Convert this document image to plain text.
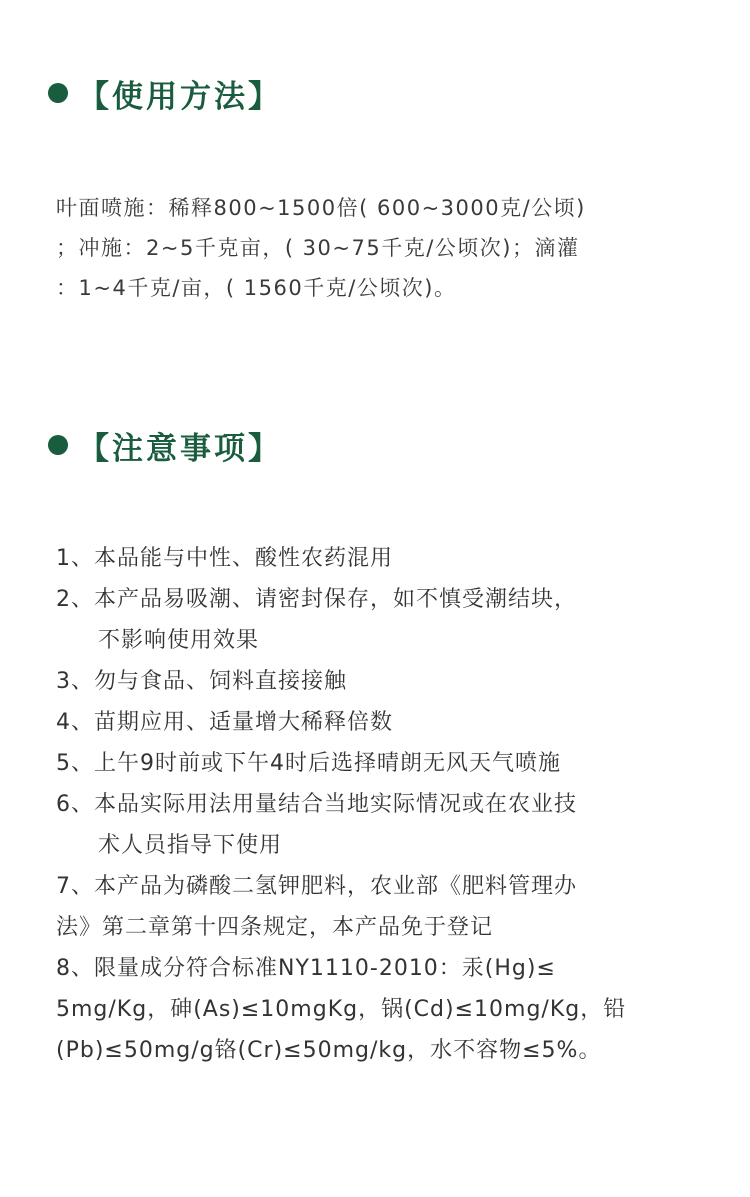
【使用方法】
叶面喷施：稀释800~1500倍( 600~3000克/公顷)
；冲施：2~5千克亩，( 30~75千克/公顷次)；滴灌
：1~4千克/亩，( 1560千克/公顷次)。
【注意事项】
1、本品能与中性、酸性农药混用
2、本产品易吸潮、请密封保存，如不慎受潮结块，
不影响使用效果
3、勿与食品、饲料直接接触
4、苗期应用、适量增大稀释倍数
5、上午9时前或下午4时后选择晴朗无风天气喷施
6、本品实际用法用量结合当地实际情况或在农业技
术人员指导下使用
7、本产品为磷酸二氢钾肥料，农业部《肥料管理办
法》第二章第十四条规定，本产品免于登记
8、限量成分符合标准NY1110-2010：汞(Hg)≤
5mg/Kg，砷(As)≤10mgKg，锅(Cd)≤10mg/Kg，铅
(Pb)≤50mg/g铬(Cr)≤50mg/kg，水不容物≤5%。
